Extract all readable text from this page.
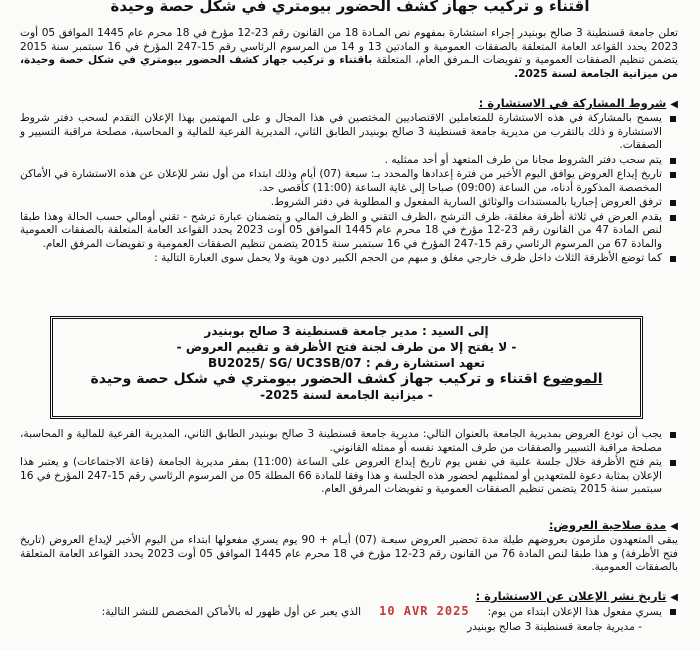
اقتناء و تركيب جهاز كشف الحضور بيومتري في شكل حصة وحيدة
تعلن جامعة قسنطينة 3 صالح بوبنيدر إجراء استشارة بمفهوم نص المـادة 18 من القانون رقم 23-12 مؤرخ في 18 محرم عام 1445 الموافق 05 أوت 2023 يحدد القواعد العامة المتعلقة بالصفقات العمومية و المادتين 13 و 14 من المرسوم الرئاسي رقم 15-247 المؤرخ في 16 سبتمبر سنة 2015 يتضمن تنظيم الصفقات العمومية و تفويضات الـمرفق العام، المتعلقة باقتناء و تركيب جهاز كشف الحضور بيومتري في شكل حصة وحيدة، من ميزانية الجامعة لسنة 2025.
◀شروط المشاركة في الاستشارة :
يسمح بالمشاركة في هذه الاستشارة للمتعاملين الاقتصاديين المختصين في هذا المجال و على المهتمين بهذا الإعلان التقدم لسحب دفتر شروط الاستشارة و ذلك بالتقرب من مديرية جامعة قسنطينة 3 صالح بوبنيدر الطابق الثاني، المديرية الفرعية للمالية و المحاسبة، مصلحة مراقبة التسيير و الصفقات.
يتم سحب دفتر الشروط مجانا من طرف المتعهد أو أحد ممثليه .
تاريخ إيداع العروض يوافق اليوم الأخير من فترة إعدادها والمحدد بـ: سبعة (07) أيام وذلك ابتداء من أول نشر للإعلان عن هذه الاستشارة في الأماكن المخصصة المذكورة أدناه، من الساعة (09:00) صباحا إلى غاية الساعة (11:00) كأقصى حد.
ترفق العروض إجباريا بالمستندات والوثائق السارية المفعول و المطلوبة في دفتر الشروط.
يقدم العرض في ثلاثة أظرفة مغلقة، ظرف الترشح ،الظرف التقني و الظرف المالي و يتضمنان عبارة ترشح - تقني أومالي حسب الحالة وهذا طبقا لنص المادة 47 من القانون رقم 23-12 مؤرخ في 18 محرم عام 1445 الموافق 05 أوت 2023 يحدد القواعد العامة المتعلقة بالصفقات العمومية والمادة 67 من المرسوم الرئاسي رقم 15-247 المؤرخ في 16 سبتمبر سنة 2015 يتضمن تنظيم الصفقات العمومية و تفويضات المرفق العام.
كما توضع الأظرفة الثلاث داخل ظرف خارجي مغلق و مبهم من الحجم الكبير دون هوية ولا يحمل سوى العبارة التالية :
إلى السيد : مدير جامعة قسنطينة 3 صالح بوبنيدر
- لا يفتح إلا من طرف لجنة فتح الأظرفة و تقييم العروض -
تعهد استشارة رقم : BU2025/ SG/ UC3SB/07
الموضوع اقتناء و تركيب جهاز كشف الحضور بيومتري في شكل حصة وحيدة
- ميزانية الجامعة لسنة 2025-
يجب أن تودع العروض بمديرية الجامعة بالعنوان التالي: مديرية جامعة قسنطينة 3 صالح بوبنيدر الطابق الثاني، المديرية الفرعية للمالية و المحاسبة، مصلحة مراقبة التسيير والصفقات من طرف المتعهد نفسه أو ممثله القانوني.
يتم فتح الأظرفة خلال جلسة علنية في نفس يوم تاريخ إيداع العروض على الساعة (11:00) بمقر مديرية الجامعة (قاعة الاجتماعات) و يعتبر هذا الإعلان بمثابة دعوة للمتعهدين أو لممثليهم لحضور هذه الجلسة و هذا وفقا للمادة 66 المطلة 05 من المرسوم الرئاسي رقم 15-247 المؤرخ في 16 سبتمبر سنة 2015 يتضمن تنظيم الصفقات العمومية و تفويضات المرفق العام.
◀مدة صلاحية العروض:
يبقى المتعهدون ملزمون بعروضهم طيلة مدة تحضير العروض سبعـة (07) أيـام + 90 يوم يسري مفعولها ابتداء من اليوم الأخير لإيداع العروض (تاريخ فتح الأظرفة) و هذا طبقا لنص المادة 76 من القانون رقم 23-12 مؤرخ في 18 محرم عام 1445 الموافق 05 أوت 2023 يحدد القواعد العامة المتعلقة بالصفقات العمومية.
◀تاريخ نشر الإعلان عن الاستشارة :
يسري مفعول هذا الإعلان ابتداء من يوم:10 AVR 2025الذي يعبر عن أول ظهور له بالأماكن المخصص للنشر التالية:
- مديرية جامعة قسنطينة 3 صالح بوبنيدر
